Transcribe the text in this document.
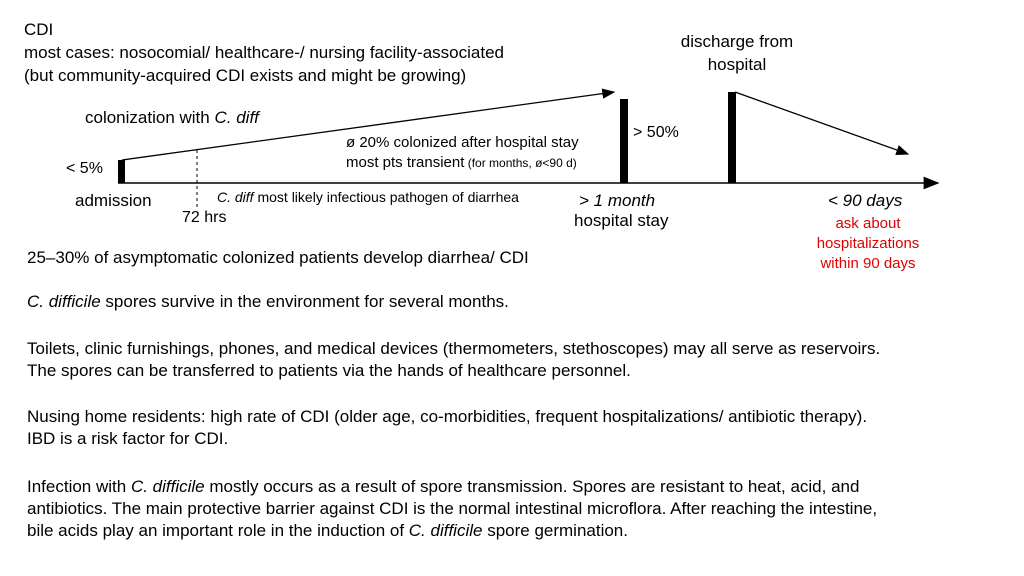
CDI
most cases: nosocomial/ healthcare-/ nursing facility-associated
(but community-acquired CDI exists and might be growing)
colonization with C. diff
< 5%
admission
72 hrs
C. diff most likely infectious pathogen of diarrhea
ø 20% colonized after hospital stay
most pts transient (for months, ø<90 d)
> 50%
> 1 month
hospital stay
discharge from
hospital
< 90 days
ask about
hospitalizations
within 90 days
25–30% of asymptomatic colonized patients develop diarrhea/ CDI
C. difficile spores survive in the environment for several months.
Toilets, clinic furnishings, phones, and medical devices (thermometers, stethoscopes) may all serve as reservoirs.
The spores can be transferred to patients via the hands of healthcare personnel.
Nusing home residents: high rate of CDI (older age, co-morbidities, frequent hospitalizations/ antibiotic therapy).
IBD is a risk factor for CDI.
Infection with C. difficile mostly occurs as a result of spore transmission. Spores are resistant to heat, acid, and
antibiotics. The main protective barrier against CDI is the normal intestinal microflora. After reaching the intestine,
bile acids play an important role in the induction of C. difficile spore germination.
